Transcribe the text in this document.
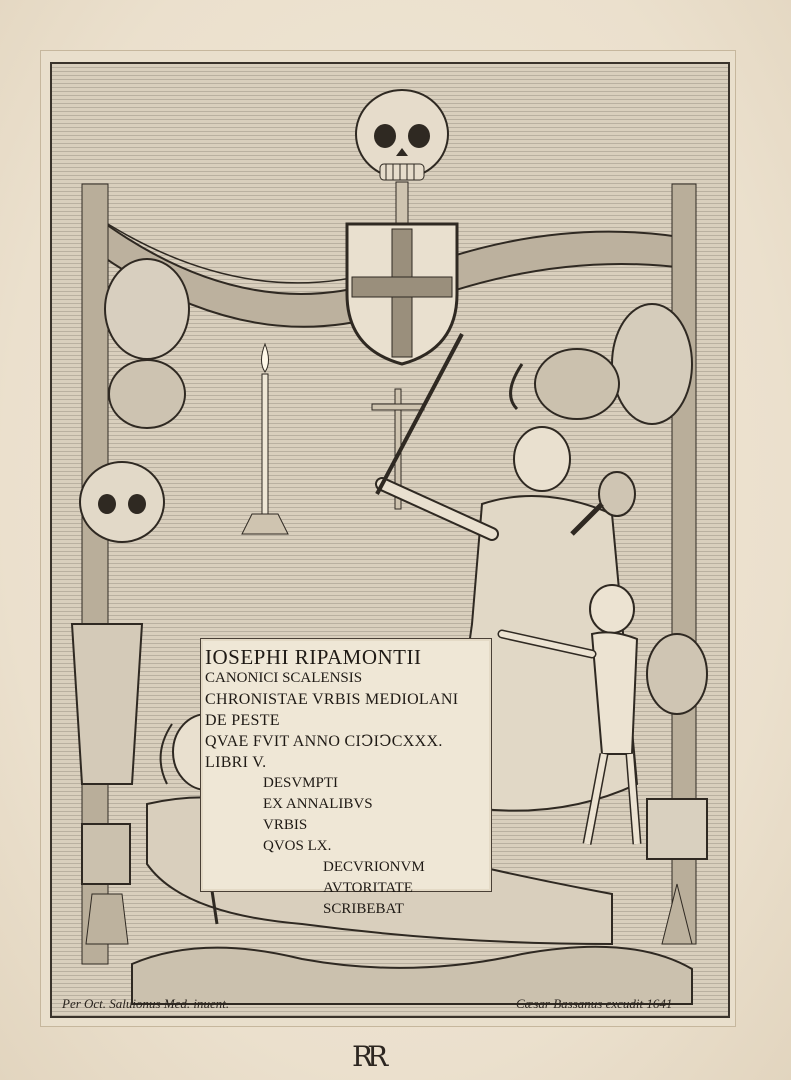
IOSEPHI RIPAMONTII
CANONICI SCALENSIS
CHRONISTAE VRBIS MEDIOLANI
DE PESTE
QVAE FVIT ANNO CIↃIↃCXXX.
LIBRI V.
DESVMPTI
EX ANNALIBVS
VRBIS
QVOS LX.
DECVRIONVM
AVTORITATE
SCRIBEBAT
Per Oct. Saluionus Med. inuent.	Cæsar Bassanus excudit 1641
RR
